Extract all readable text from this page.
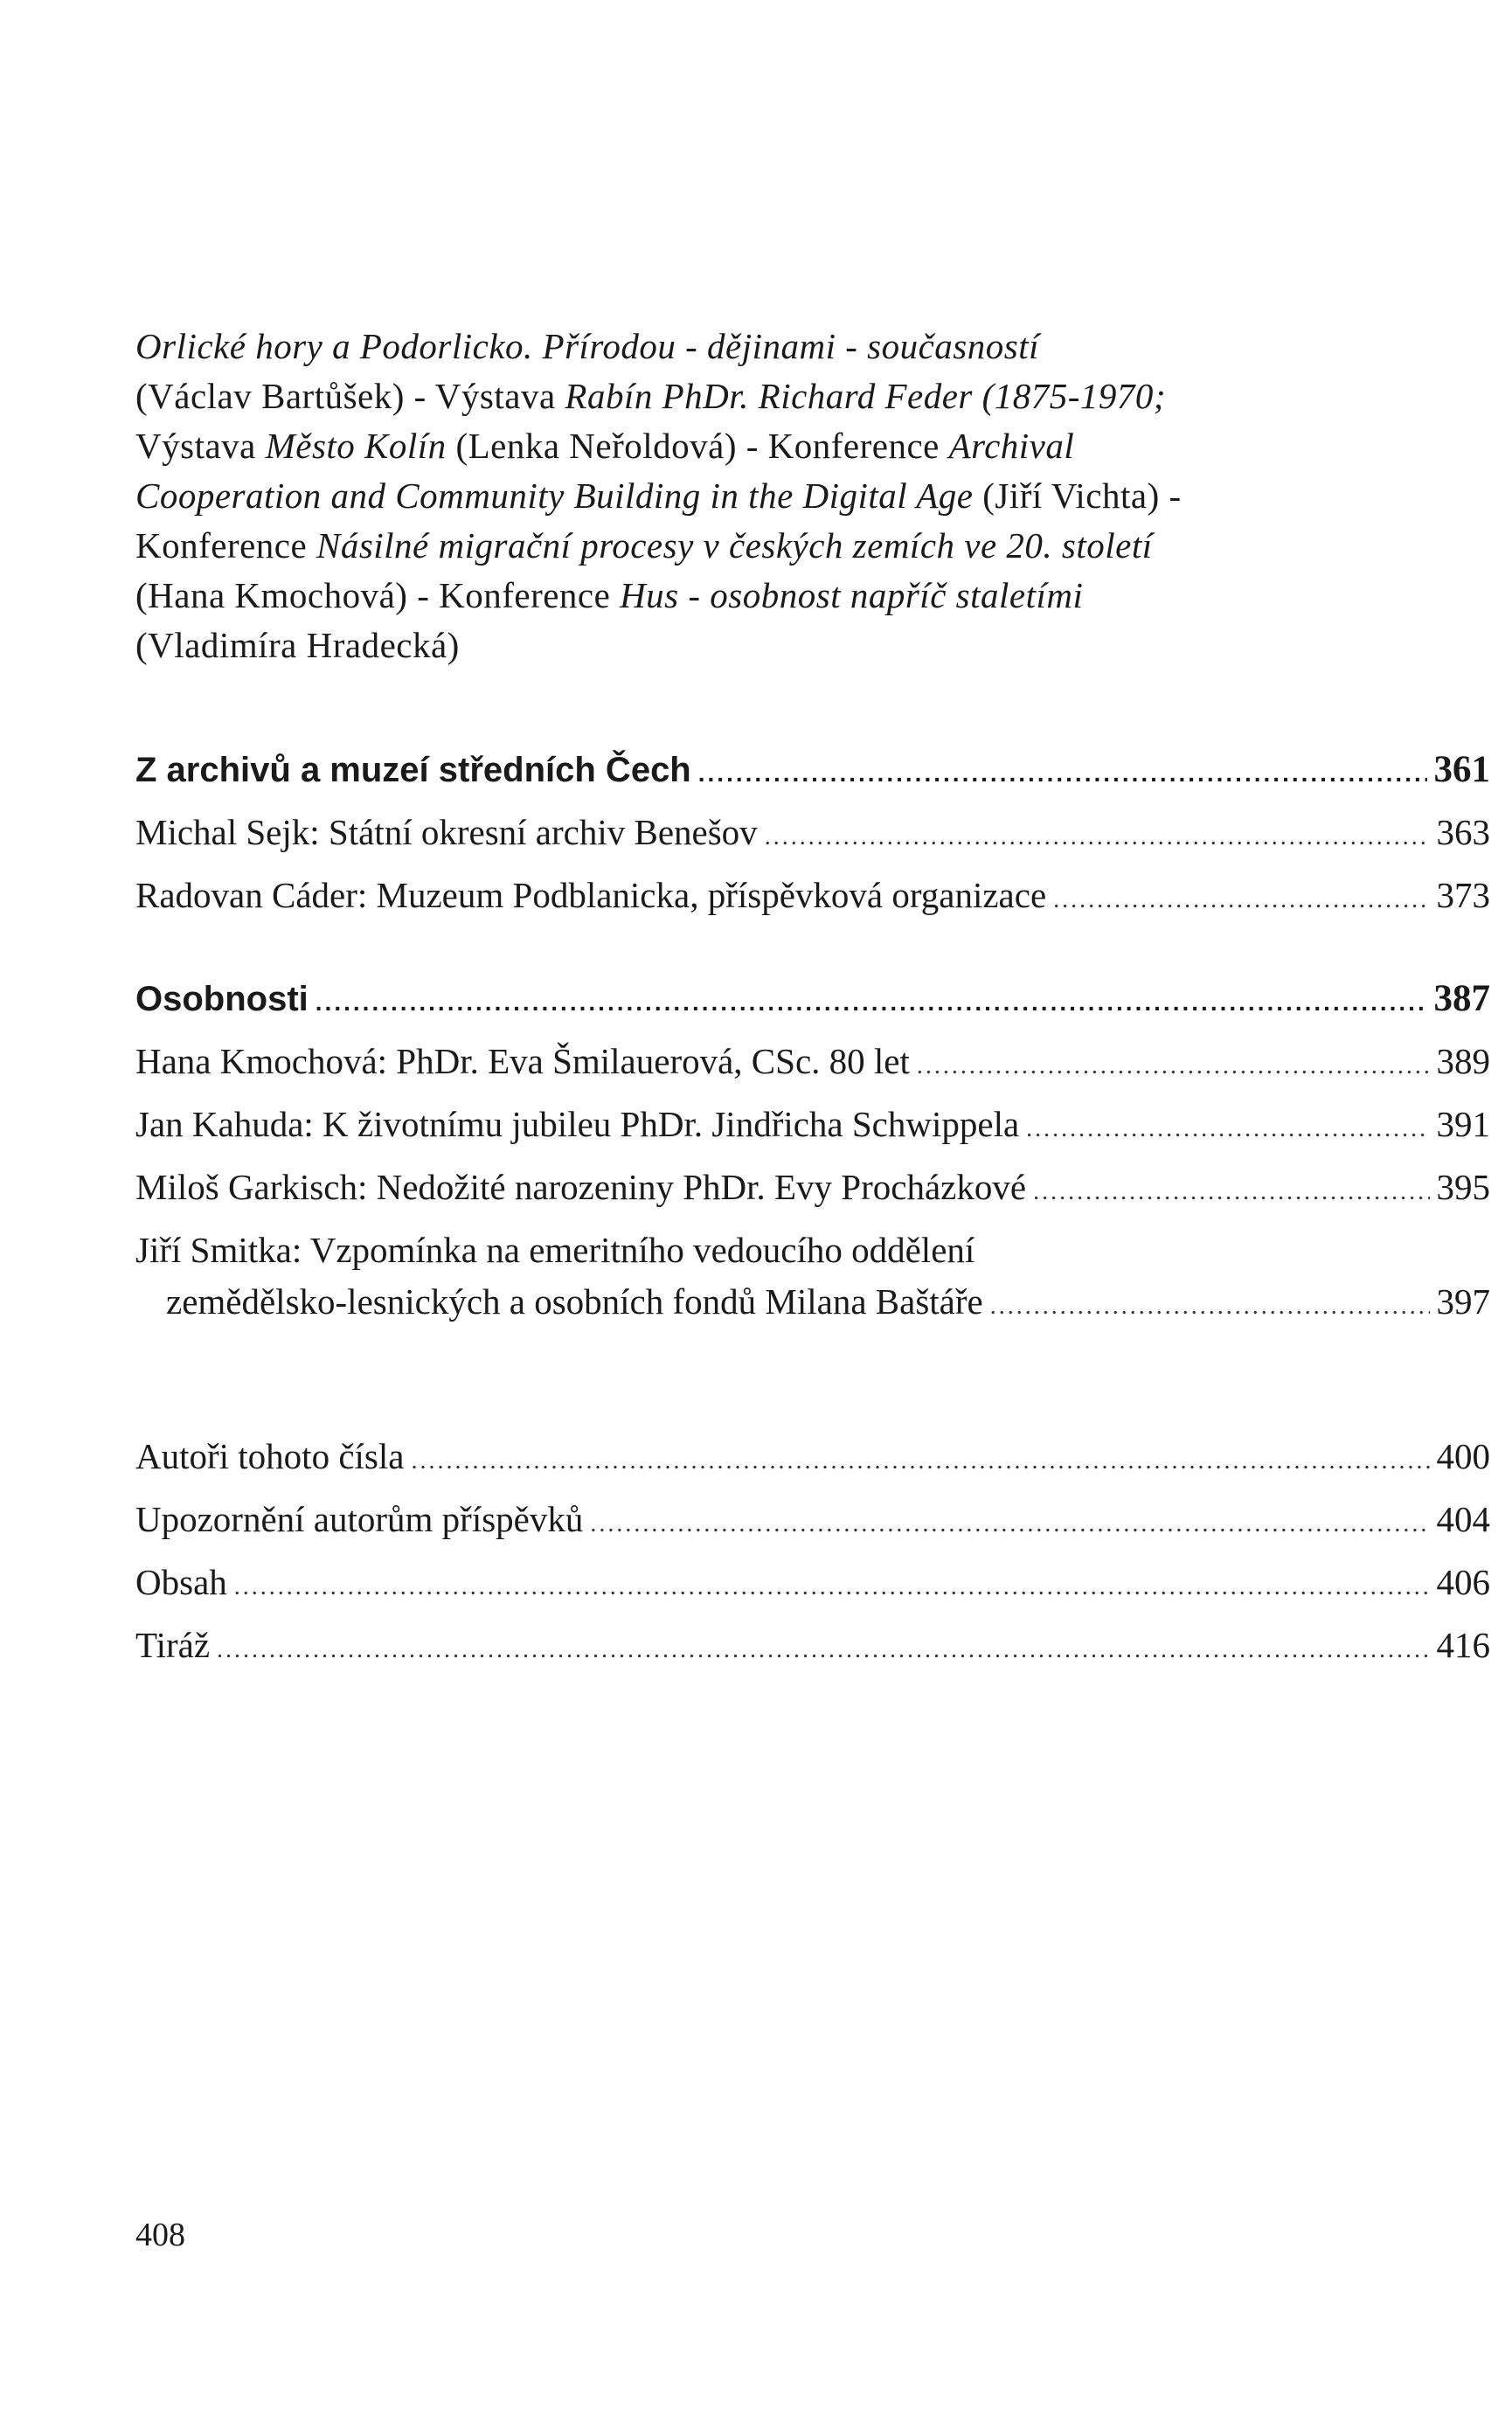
Orlické hory a Podorlicko. Přírodou - dějinami - současností
(Václav Bartůšek) - Výstava Rabín PhDr. Richard Feder (1875-1970;
Výstava Město Kolín (Lenka Neřoldová) - Konference Archival
Cooperation and Community Building in the Digital Age (Jiří Vichta) -
Konference Násilné migrační procesy v českých zemích ve 20. století
(Hana Kmochová) - Konference Hus - osobnost napříč staletími
(Vladimíra Hradecká)
Z archivů a muzeí středních Čech .....	361
Michal Sejk: Státní okresní archiv Benešov .....	363
Radovan Cáder: Muzeum Podblanicka, příspěvková organizace .....	373
Osobnosti .....	387
Hana Kmochová: PhDr. Eva Šmilauerová, CSc. 80 let .....	389
Jan Kahuda: K životnímu jubileu PhDr. Jindřicha Schwippela .....	391
Miloš Garkisch: Nedožité narozeniny PhDr. Evy Procházkové .....	395
Jiří Smitka: Vzpomínka na emeritního vedoucího oddělení
zemědělsko-lesnických a osobních fondů Milana Baštáře .....	397
Autoři tohoto čísla .....	400
Upozornění autorům příspěvků .....	404
Obsah .....	406
Tiráž .....	416
408
